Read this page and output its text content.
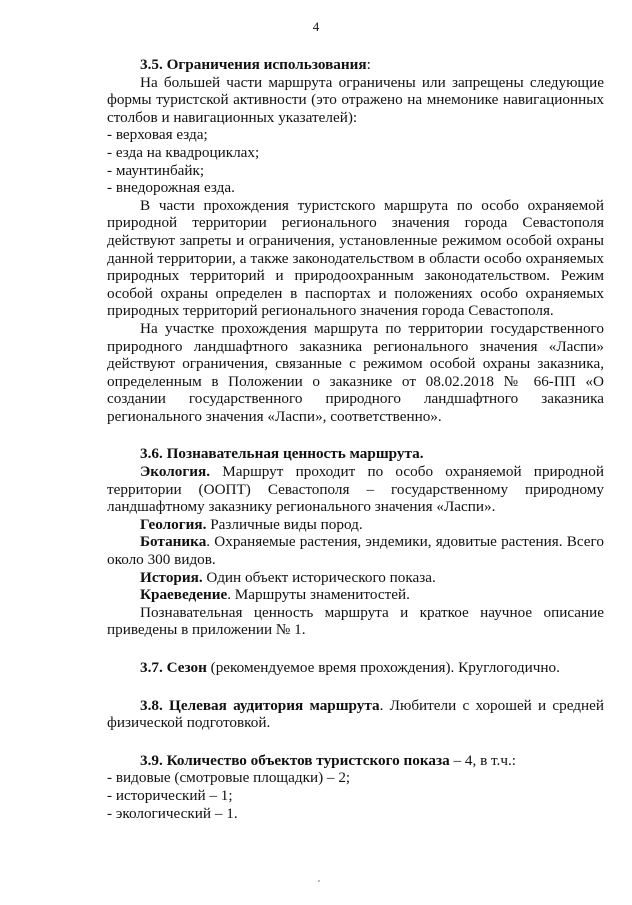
4

3.5. Ограничения использования:

На большей части маршрута ограничены или запрещены следующие формы туристской активности (это отражено на мнемонике навигационных столбов и навигационных указателей):

- верховая езда;

- езда на квадроциклах;

- маунтинбайк;

- внедорожная езда.

В части прохождения туристского маршрута по особо охраняемой природной территории регионального значения города Севастополя действуют запреты и ограничения, установленные режимом особой охраны данной территории, а также законодательством в области особо охраняемых природных территорий и природоохранным законодательством. Режим особой охраны определен в паспортах и положениях особо охраняемых природных территорий регионального значения города Севастополя.

На участке прохождения маршрута по территории государственного природного ландшафтного заказника регионального значения «Ласпи» действуют ограничения, связанные с режимом особой охраны заказника, определенным в Положении о заказнике от 08.02.2018 № 66-ПП «О создании государственного природного ландшафтного заказника регионального значения «Ласпи», соответственно».

3.6. Познавательная ценность маршрута.

Экология. Маршрут проходит по особо охраняемой природной территории (ООПТ) Севастополя – государственному природному ландшафтному заказнику регионального значения «Ласпи».

Геология. Различные виды пород.

Ботаника. Охраняемые растения, эндемики, ядовитые растения. Всего около 300 видов.

История. Один объект исторического показа.

Краеведение. Маршруты знаменитостей.

Познавательная ценность маршрута и краткое научное описание приведены в приложении № 1.

3.7. Сезон (рекомендуемое время прохождения). Круглогодично.

3.8. Целевая аудитория маршрута. Любители с хорошей и средней физической подготовкой.

3.9. Количество объектов туристского показа – 4, в т.ч.:

- видовые (смотровые площадки) – 2;

- исторический – 1;

- экологический – 1.
